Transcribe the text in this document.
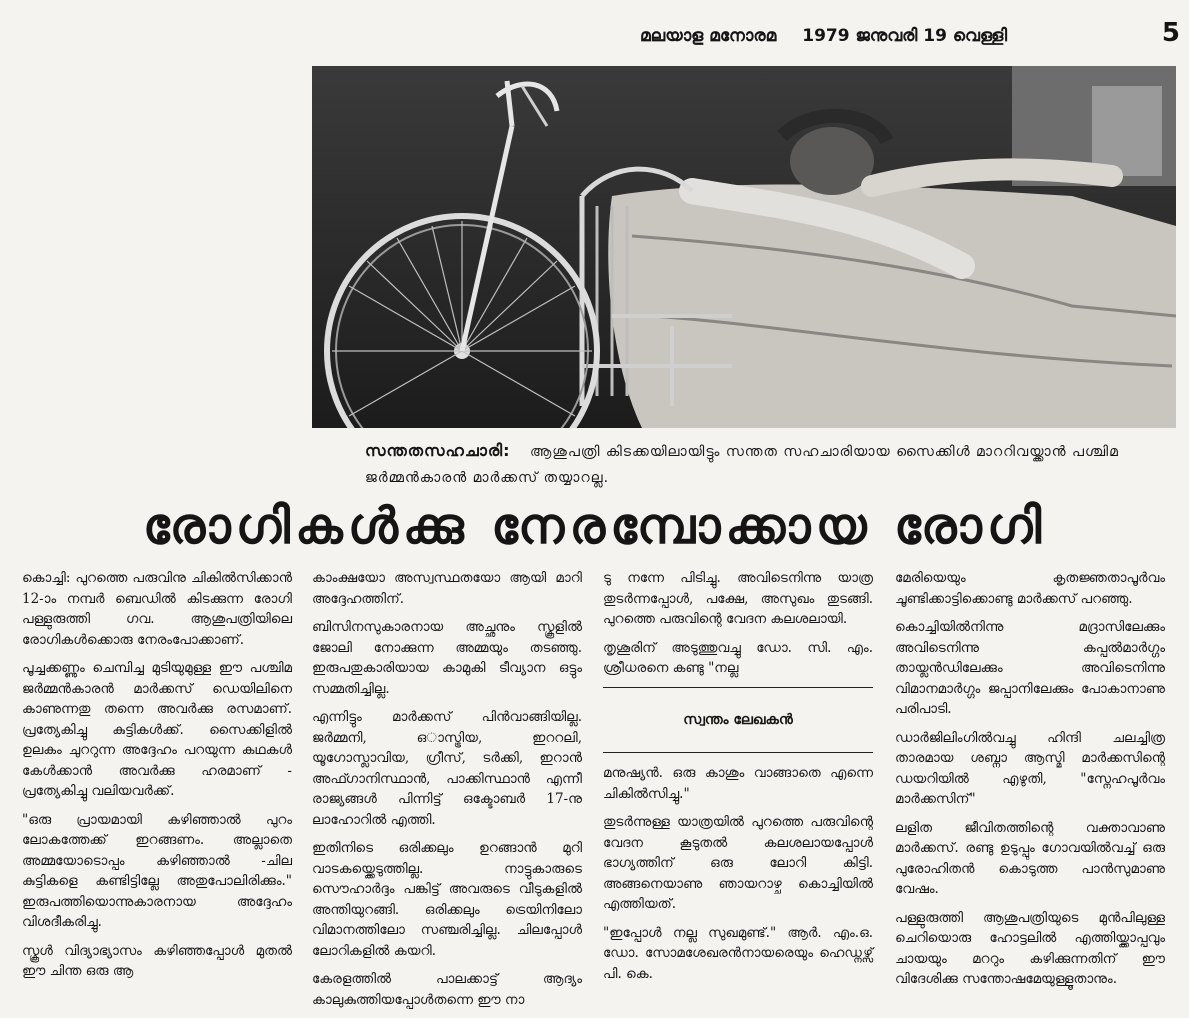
മലയാള മനോരമ 1979 ജനുവരി 19 വെള്ളി	5
സന്തതസഹചാരി: ആശുപത്രി കിടക്കയിലായിട്ടും സന്തത സഹചാരിയായ സൈക്കിൾ മാററിവയ്ക്കാൻ പശ്ചിമ ജർമ്മൻകാരൻ മാർക്കസ് തയ്യാറല്ല.
രോഗികൾക്കു നേരമ്പോക്കായ രോഗി

കൊച്ചി: പുറത്തെ പരുവിനു ചികിൽസിക്കാൻ 12-ാം നമ്പർ ബെഡിൽ കിടക്കുന്ന രോഗി പള്ളുരുത്തി ഗവ. ആശുപത്രിയിലെ രോഗികൾക്കൊരു നേരംപോക്കാണ്.

പൂച്ചക്കണ്ണും ചെമ്പിച്ച മുടിയുമുള്ള ഈ പശ്ചിമ ജർമ്മൻകാരൻ മാർക്കസ് ഡെയിലിനെ കാണുന്നതു തന്നെ അവർക്കു രസമാണ്. പ്രത്യേകിച്ചു കുട്ടികൾക്ക്. സൈക്കിളിൽ ഉലകം ചുററുന്ന അദ്ദേഹം പറയുന്ന കഥകൾ കേൾക്കാൻ അവർക്കു ഹരമാണ് - പ്രത്യേകിച്ചു വലിയവർക്ക്.

"ഒരു പ്രായമായി കഴിഞ്ഞാൽ പുറം ലോകത്തേക്ക് ഇറങ്ങണം. അല്ലാതെ അമ്മയോടൊപ്പം കഴിഞ്ഞാൽ -ചില കുട്ടികളെ കണ്ടിട്ടില്ലേ അതുപോലിരിക്കും." ഇരുപത്തിയൊന്നുകാരനായ അദ്ദേഹം വിശദീകരിച്ചു.

സ്കൂൾ വിദ്യാഭ്യാസം കഴിഞ്ഞപ്പോൾ മുതൽ ഈ ചിന്ത ഒരു ആ

കാംക്ഷയോ അസ്വസ്ഥതയോ ആയി മാറി അദ്ദേഹത്തിന്.

ബിസിനസുകാരനായ അച്ഛനും സ്കൂളിൽ ജോലി നോക്കുന്ന അമ്മയും തടഞ്ഞു. ഇരുപതുകാരിയായ കാമുകി ടീവ്യാന ഒട്ടും സമ്മതിച്ചില്ല.

എന്നിട്ടും മാർക്കസ് പിൻവാങ്ങിയില്ല. ജർമ്മനി, ഒാസ്ട്രിയ, ഇററലി, യൂഗോസ്ലാവിയ, ഗ്രീസ്, ടർക്കി, ഇറാൻ അഫ്ഗാനിസ്ഥാൻ, പാക്കിസ്ഥാൻ എന്നീ രാജ്യങ്ങൾ പിന്നിട്ട് ഒക്ടോബർ 17-നു ലാഹോറിൽ എത്തി.

ഇതിനിടെ ഒരിക്കലും ഉറങ്ങാൻ മുറി വാടകയ്ക്കെടുത്തില്ല. നാട്ടുകാരുടെ സൌഹാർദ്ദം പങ്കിട്ട് അവരുടെ വീടുകളിൽ അന്തിയുറങ്ങി. ഒരിക്കലും ട്രെയിനിലോ വിമാനത്തിലോ സഞ്ചരിച്ചില്ല. ചിലപ്പോൾ ലോറികളിൽ കയറി.

കേരളത്തിൽ പാലക്കാട്ട് ആദ്യം കാലുകുത്തിയപ്പോൾതന്നെ ഈ നാ

ടു നന്നേ പിടിച്ചു. അവിടെനിന്നു യാത്ര തുടർന്നപ്പോൾ, പക്ഷേ, അസുഖം തുടങ്ങി. പുറത്തെ പരുവിന്റെ വേദന കലശലായി.

തൃശൂരിന് അടുത്തുവച്ചു ഡോ. സി. എം. ശ്രീധരനെ കണ്ടു "നല്ല

സ്വന്തം ലേഖകൻ

മനുഷ്യൻ. ഒരു കാശും വാങ്ങാതെ എന്നെ ചികിൽസിച്ചു."

തുടർന്നുള്ള യാത്രയിൽ പുറത്തെ പരുവിന്റെ വേദന കൂടുതൽ കലശലായപ്പോൾ ഭാഗ്യത്തിന് ഒരു ലോറി കിട്ടി. അങ്ങനെയാണു ഞായറാഴ്ച കൊച്ചിയിൽ എത്തിയത്.

"ഇപ്പോൾ നല്ല സുഖമുണ്ട്." ആർ. എം.ഒ. ഡോ. സോമശേഖരൻനായരെയും ഹെഡ്നഴ്സ് പി. കെ.

മേരിയെയും കൃതജ്ഞതാപൂർവം ചൂണ്ടിക്കാട്ടിക്കൊണ്ടു മാർക്കസ് പറഞ്ഞു.

കൊച്ചിയിൽനിന്നു മദ്രാസിലേക്കും അവിടെനിന്നു കപ്പൽമാർഗ്ഗം തായ്ലൻഡിലേക്കും അവിടെനിന്നു വിമാനമാർഗ്ഗം ജപ്പാനിലേക്കും പോകാനാണു പരിപാടി.

ഡാർജിലിംഗിൽവച്ചു ഹിന്ദി ചലച്ചിത്ര താരമായ ശബ്നാ ആസ്മി മാർക്കസിന്റെ ഡയറിയിൽ എഴുതി, "സ്നേഹപൂർവം മാർക്കസിന്"

ലളിത ജീവിതത്തിന്റെ വക്താവാണു മാർക്കസ്. രണ്ടു ഉടുപ്പും ഗോവയിൽവച്ച് ഒരു പുരോഹിതൻ കൊടുത്ത പാൻസുമാണു വേഷം.

പള്ളുരുത്തി ആശുപത്രിയുടെ മുൻപിലുള്ള ചെറിയൊരു ഹോട്ടലിൽ എത്തിയ്ക്കാപ്പവും ചായയും മററും കഴിക്കുന്നതിന് ഈ വിദേശിക്കു സന്തോഷമേയുള്ളൂതാനും.
